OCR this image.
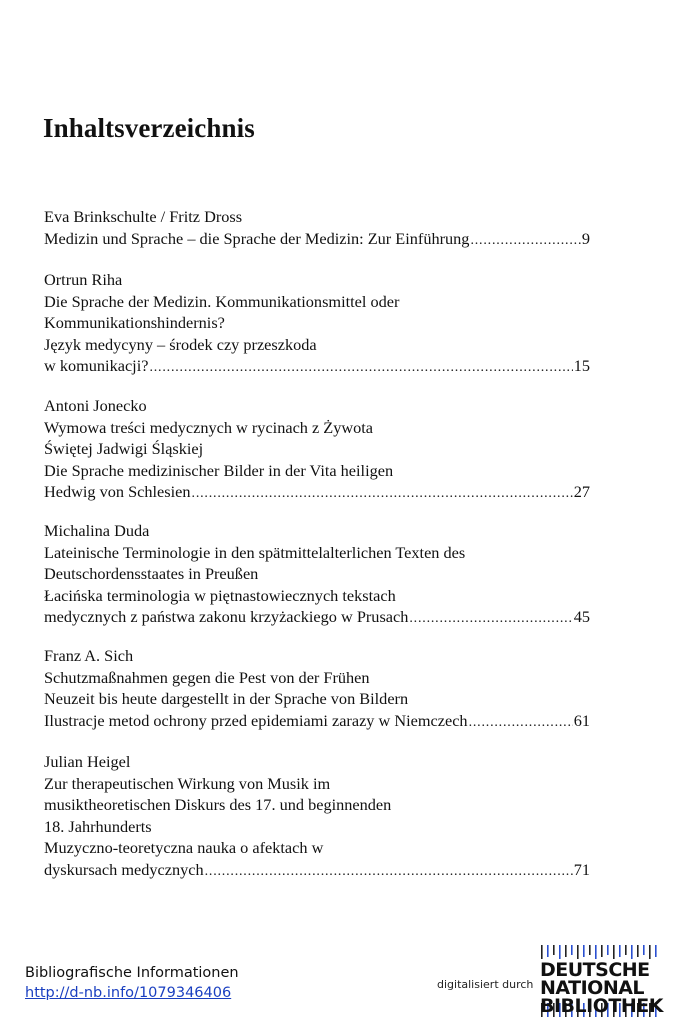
Inhaltsverzeichnis
Eva Brinkschulte / Fritz Dross
Medizin und Sprache – die Sprache der Medizin: Zur Einführung .....	9
Ortrun Riha
Die Sprache der Medizin. Kommunikationsmittel oder
Kommunikationshindernis?
Język medycyny – środek czy przeszkoda
w komunikacji? .....	15
Antoni Jonecko
Wymowa treści medycznych w rycinach z Żywota
Świętej Jadwigi Śląskiej
Die Sprache medizinischer Bilder in der Vita heiligen
Hedwig von Schlesien .....	27
Michalina Duda
Lateinische Terminologie in den spätmittelalterlichen Texten des
Deutschordensstaates in Preußen
Łacińska terminologia w piętnastowiecznych tekstach
medycznych z państwa zakonu krzyżackiego w Prusach .....	45
Franz A. Sich
Schutzmaßnahmen gegen die Pest von der Frühen
Neuzeit bis heute dargestellt in der Sprache von Bildern
Ilustracje metod ochrony przed epidemiami zarazy w Niemczech .....	61
Julian Heigel
Zur therapeutischen Wirkung von Musik im
musiktheoretischen Diskurs des 17. und beginnenden
18. Jahrhunderts
Muzyczno-teoretyczna nauka o afektach w
dyskursach medycznych .....	71
Bibliografische Informationen
http://d-nb.info/1079346406
digitalisiert durch
DEUTSCHE
NATIONAL
BIBLIOTHEK
